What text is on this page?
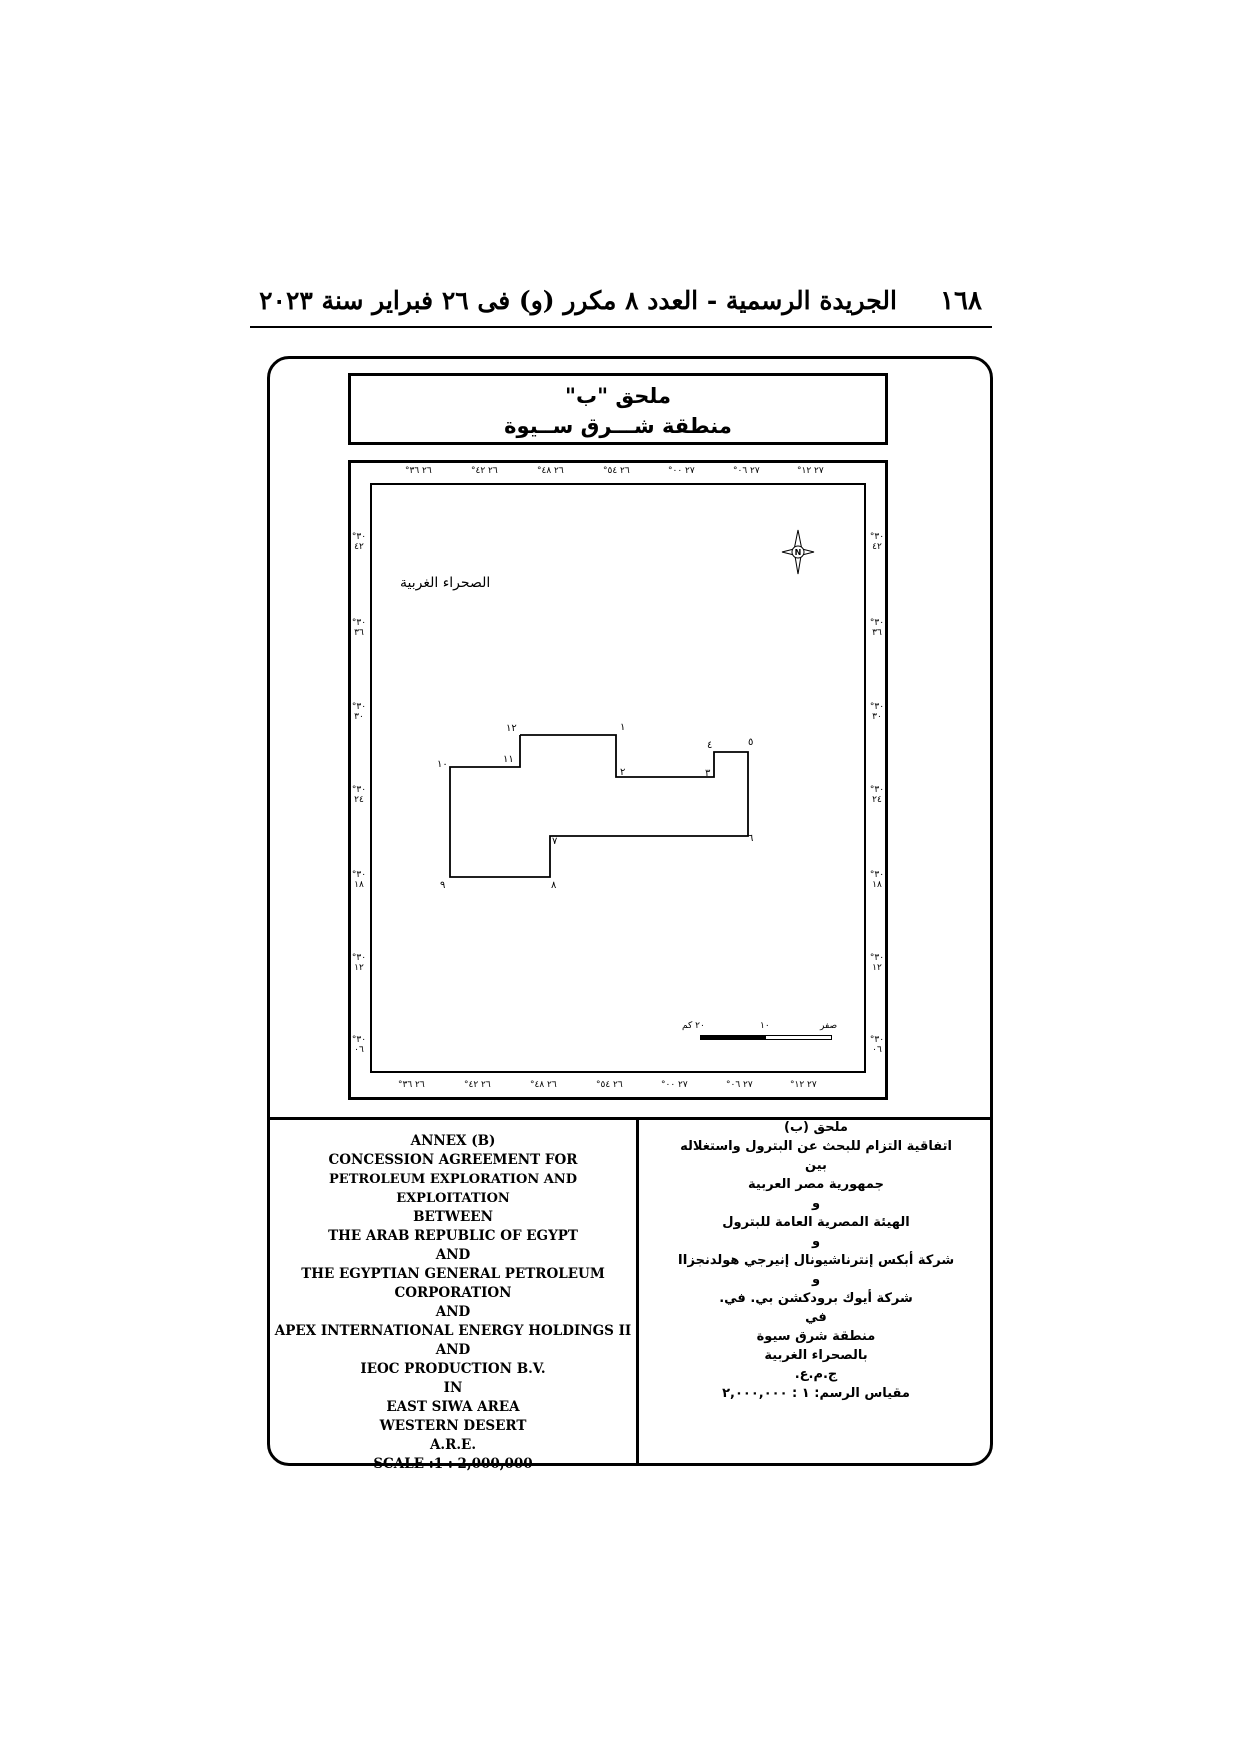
١٦٨
الجريدة الرسمية - العدد ٨ مكرر (و) فى ٢٦ فبراير سنة ٢٠٢٣
ملحق "ب"
منطقة شـــرق ســيوة
°٢٦ ٣٦
°٢٦ ٣٦
°٢٦ ٤٢
°٢٦ ٤٢
°٢٦ ٤٨
°٢٦ ٤٨
°٢٦ ٥٤
°٢٦ ٥٤
°٢٧ ٠٠
°٢٧ ٠٠
°٢٧ ٠٦
°٢٧ ٠٦
°٢٧ ١٢
°٢٧ ١٢
°٣٠ ٤٢
°٣٠ ٤٢
°٣٠ ٣٦
°٣٠ ٣٦
°٣٠ ٣٠
°٣٠ ٣٠
°٣٠ ٢٤
°٣٠ ٢٤
°٣٠ ١٨
°٣٠ ١٨
°٣٠ ١٢
°٣٠ ١٢
°٣٠ ٠٦
°٣٠ ٠٦
الصحراء الغربية
N
١
٢	٣
٤	٥
٦
٧
٨
٩
١٠	١١
١٢
صفر
١٠
٢٠ كم
ANNEX (B)
CONCESSION AGREEMENT FOR
PETROLEUM EXPLORATION AND EXPLOITATION
BETWEEN
THE ARAB REPUBLIC OF EGYPT
AND
THE EGYPTIAN GENERAL PETROLEUM
CORPORATION
AND
APEX INTERNATIONAL ENERGY HOLDINGS II
AND
IEOC PRODUCTION B.V.
IN
EAST SIWA AREA
WESTERN DESERT
A.R.E.
SCALE :1 : 2,000,000
ملحق (ب)
اتفاقية التزام للبحث عن البترول واستغلاله
بين
جمهورية مصر العربية
و
الهيئة المصرية العامة للبترول
و
شركة أبكس إنترناشيونال إنيرجي هولدنجزII
و
شركة أيوك برودكشن بي. في.
في
منطقة شرق سيوة
بالصحراء الغربية
ج.م.ع.
مقياس الرسم: ١ : ٢,٠٠٠,٠٠٠
